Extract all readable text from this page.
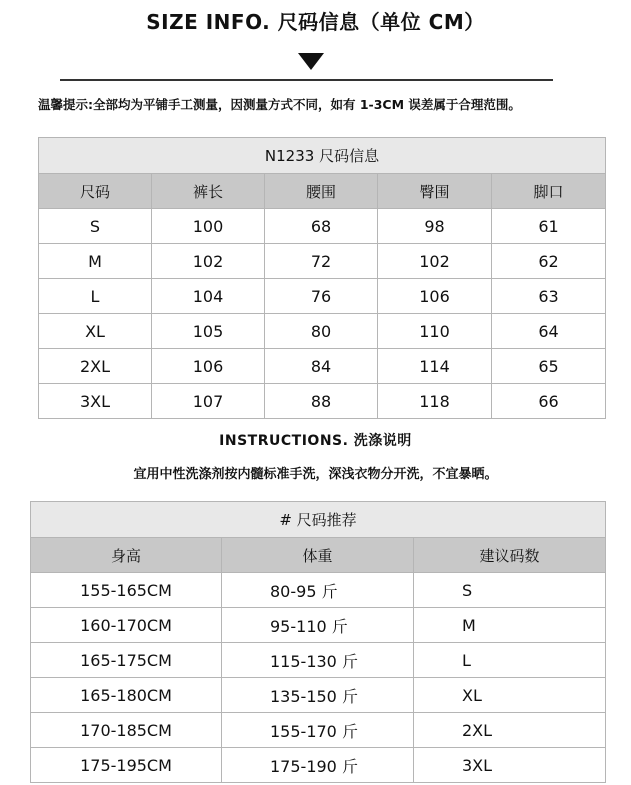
SIZE INFO. 尺码信息（单位 CM）
温馨提示:全部均为平铺手工测量，因测量方式不同，如有 1-3CM 误差属于合理范围。
N1233 尺码信息				
尺码	裤长	腰围	臀围	脚口
S	100	68	98	61
M	102	72	102	62
L	104	76	106	63
XL	105	80	110	64
2XL	106	84	114	65
3XL	107	88	118	66
INSTRUCTIONS. 洗涤说明
宜用中性洗涤剂按内髓标准手洗，深浅衣物分开洗，不宜暴晒。
# 尺码推荐		
身高	体重	建议码数
155-165CM	80-95 斤	S
160-170CM	95-110 斤	M
165-175CM	115-130 斤	L
165-180CM	135-150 斤	XL
170-185CM	155-170 斤	2XL
175-195CM	175-190 斤	3XL
